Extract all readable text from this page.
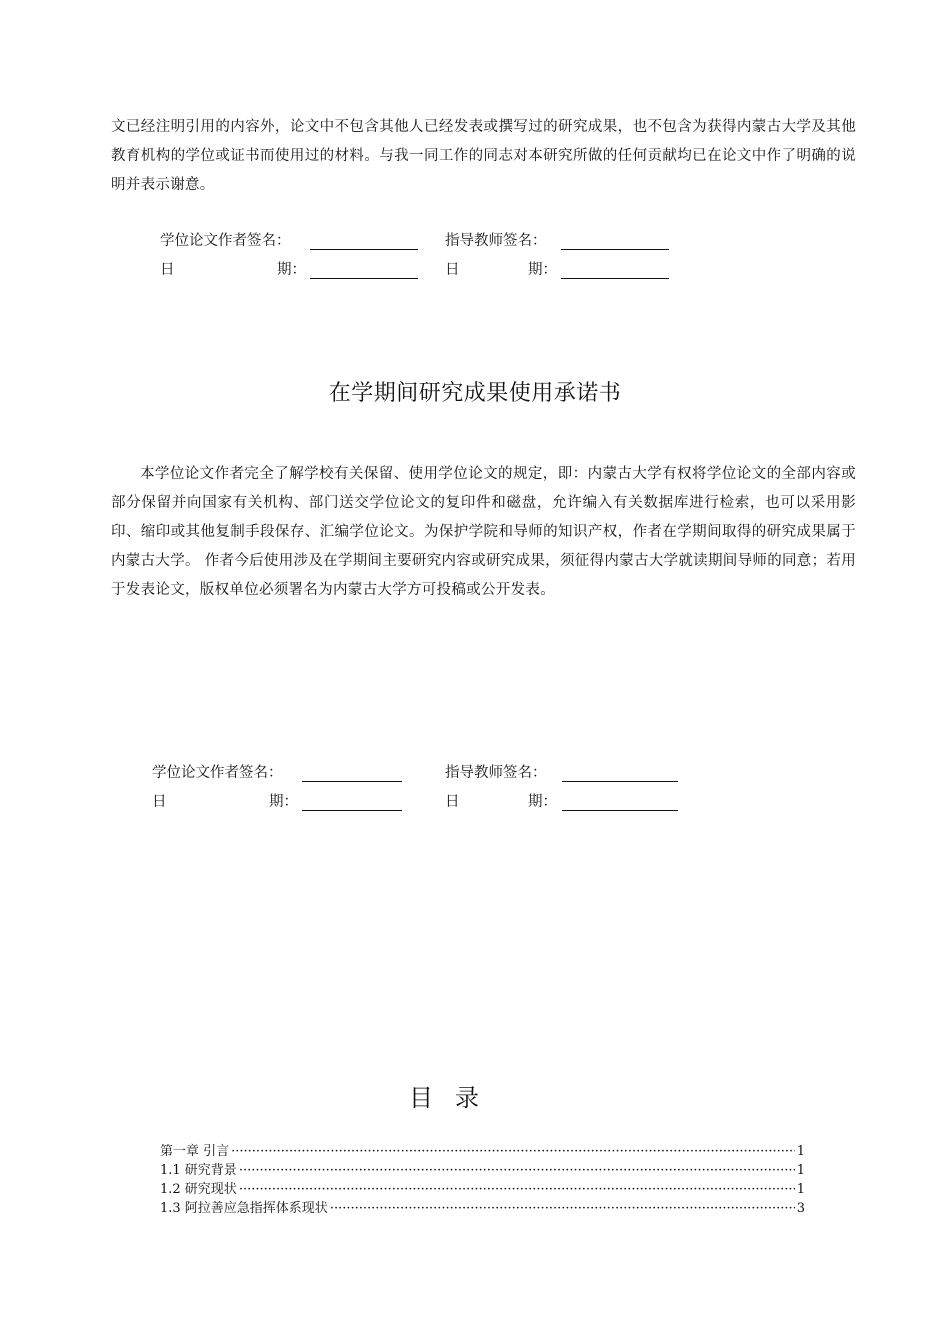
文已经注明引用的内容外，论文中不包含其他人已经发表或撰写过的研究成果，也不包含为获得内蒙古大学及其他教育机构的学位或证书而使用过的材料。与我一同工作的同志对本研究所做的任何贡献均已在论文中作了明确的说明并表示谢意。

学位论文作者签名：	指导教师签名：
日	期：	日	期：
在学期间研究成果使用承诺书

本学位论文作者完全了解学校有关保留、使用学位论文的规定，即：内蒙古大学有权将学位论文的全部内容或部分保留并向国家有关机构、部门送交学位论文的复印件和磁盘，允许编入有关数据库进行检索，也可以采用影印、缩印或其他复制手段保存、汇编学位论文。为保护学院和导师的知识产权，作者在学期间取得的研究成果属于内蒙古大学。 作者今后使用涉及在学期间主要研究内容或研究成果，须征得内蒙古大学就读期间导师的同意；若用于发表论文，版权单位必须署名为内蒙古大学方可投稿或公开发表。

学位论文作者签名：	指导教师签名：
日	期：	日	期：
目录
第一章 引言 ·····	1
1.1 研究背景 ·····	1
1.2 研究现状 ·····	1
1.3 阿拉善应急指挥体系现状 ·····	3
